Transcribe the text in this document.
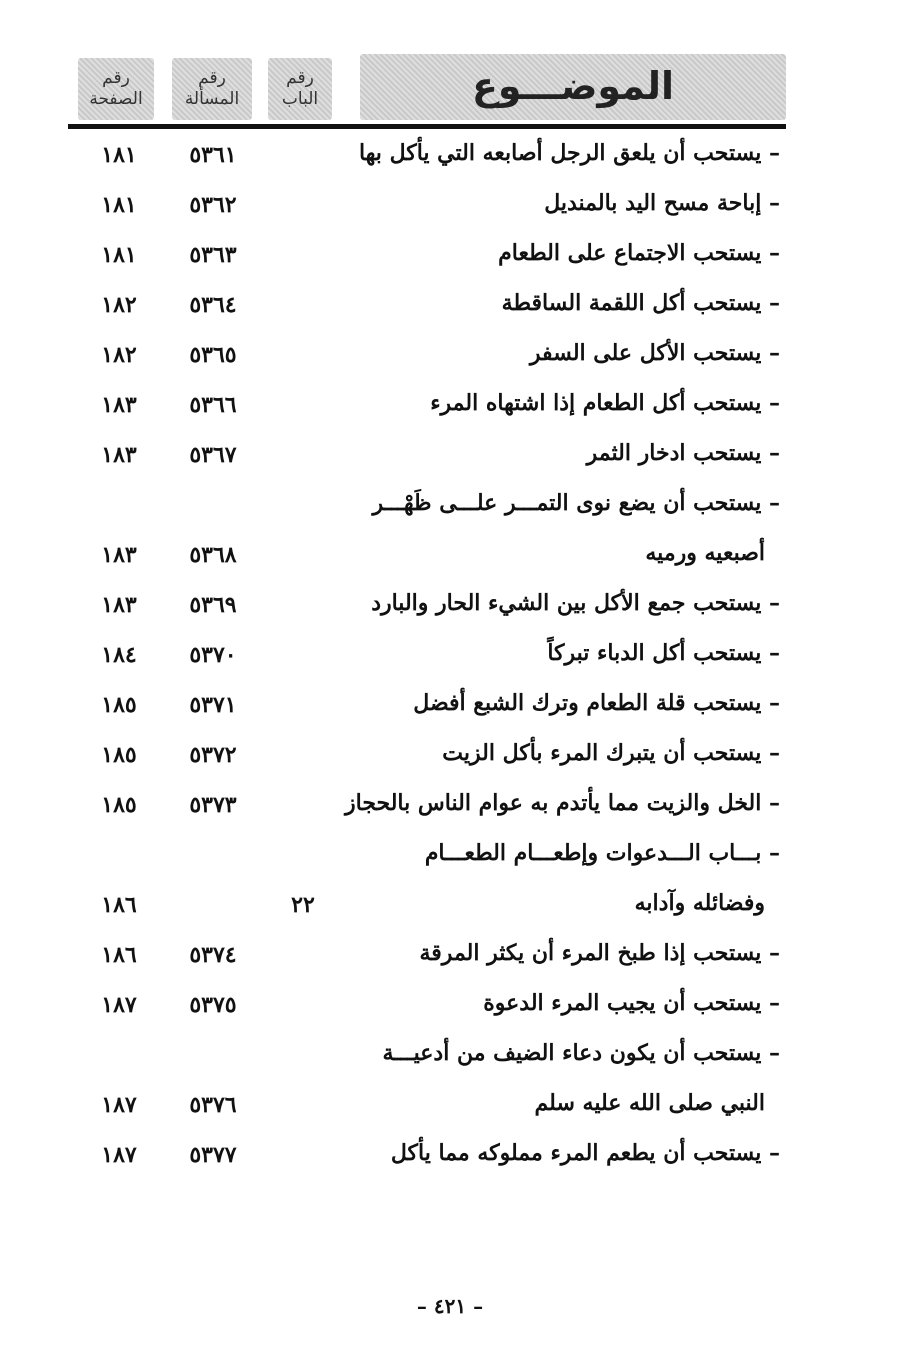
الموضـــوع
رقم
الباب
رقم
المسألة
رقم
الصفحة
– يستحب أن يلعق الرجل أصابعه التي يأكل بها
٥٣٦١
١٨١
– إباحة مسح اليد بالمنديل
٥٣٦٢
١٨١
– يستحب الاجتماع على الطعام
٥٣٦٣
١٨١
– يستحب أكل اللقمة الساقطة
٥٣٦٤
١٨٢
– يستحب الأكل على السفر
٥٣٦٥
١٨٢
– يستحب أكل الطعام إذا اشتهاه المرء
٥٣٦٦
١٨٣
– يستحب ادخار الثمر
٥٣٦٧
١٨٣
– يستحب أن يضع نوى التمـــر علـــى ظَهْـــر
أصبعيه ورميه
٥٣٦٨
١٨٣
– يستحب جمع الأكل بين الشيء الحار والبارد
٥٣٦٩
١٨٣
– يستحب أكل الدباء تبركاً
٥٣٧٠
١٨٤
– يستحب قلة الطعام وترك الشبع أفضل
٥٣٧١
١٨٥
– يستحب أن يتبرك المرء بأكل الزيت
٥٣٧٢
١٨٥
– الخل والزيت مما يأتدم به عوام الناس بالحجاز
٥٣٧٣
١٨٥
– بـــاب الـــدعوات وإطعـــام الطعـــام
وفضائله وآدابه
٢٢
١٨٦
– يستحب إذا طبخ المرء أن يكثر المرقة
٥٣٧٤
١٨٦
– يستحب أن يجيب المرء الدعوة
٥٣٧٥
١٨٧
– يستحب أن يكون دعاء الضيف من أدعيـــة
النبي صلى الله عليه سلم
٥٣٧٦
١٨٧
– يستحب أن يطعم المرء مملوكه مما يأكل
٥٣٧٧
١٨٧
– ٤٢١ –
